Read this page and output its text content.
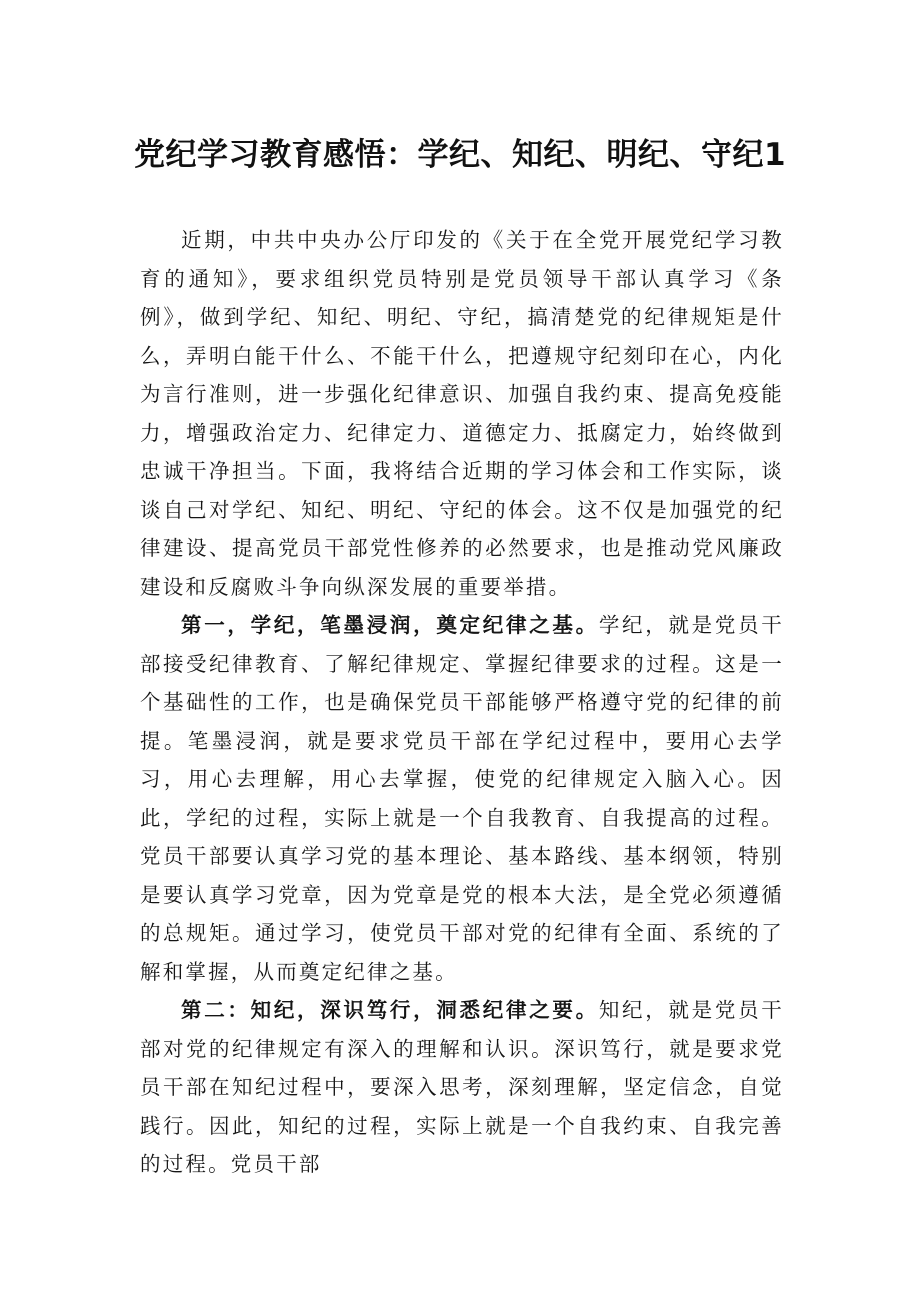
党纪学习教育感悟：学纪、知纪、明纪、守纪1

近期，中共中央办公厅印发的《关于在全党开展党纪学习教育的通知》，要求组织党员特别是党员领导干部认真学习《条例》，做到学纪、知纪、明纪、守纪，搞清楚党的纪律规矩是什么，弄明白能干什么、不能干什么，把遵规守纪刻印在心，内化为言行准则，进一步强化纪律意识、加强自我约束、提高免疫能力，增强政治定力、纪律定力、道德定力、抵腐定力，始终做到忠诚干净担当。下面，我将结合近期的学习体会和工作实际，谈谈自己对学纪、知纪、明纪、守纪的体会。这不仅是加强党的纪律建设、提高党员干部党性修养的必然要求，也是推动党风廉政建设和反腐败斗争向纵深发展的重要举措。

第一，学纪，笔墨浸润，奠定纪律之基。学纪，就是党员干部接受纪律教育、了解纪律规定、掌握纪律要求的过程。这是一个基础性的工作，也是确保党员干部能够严格遵守党的纪律的前提。笔墨浸润，就是要求党员干部在学纪过程中，要用心去学习，用心去理解，用心去掌握，使党的纪律规定入脑入心。因此，学纪的过程，实际上就是一个自我教育、自我提高的过程。党员干部要认真学习党的基本理论、基本路线、基本纲领，特别是要认真学习党章，因为党章是党的根本大法，是全党必须遵循的总规矩。通过学习，使党员干部对党的纪律有全面、系统的了解和掌握，从而奠定纪律之基。

第二：知纪，深识笃行，洞悉纪律之要。知纪，就是党员干部对党的纪律规定有深入的理解和认识。深识笃行，就是要求党员干部在知纪过程中，要深入思考，深刻理解，坚定信念，自觉践行。因此，知纪的过程，实际上就是一个自我约束、自我完善的过程。党员干部
